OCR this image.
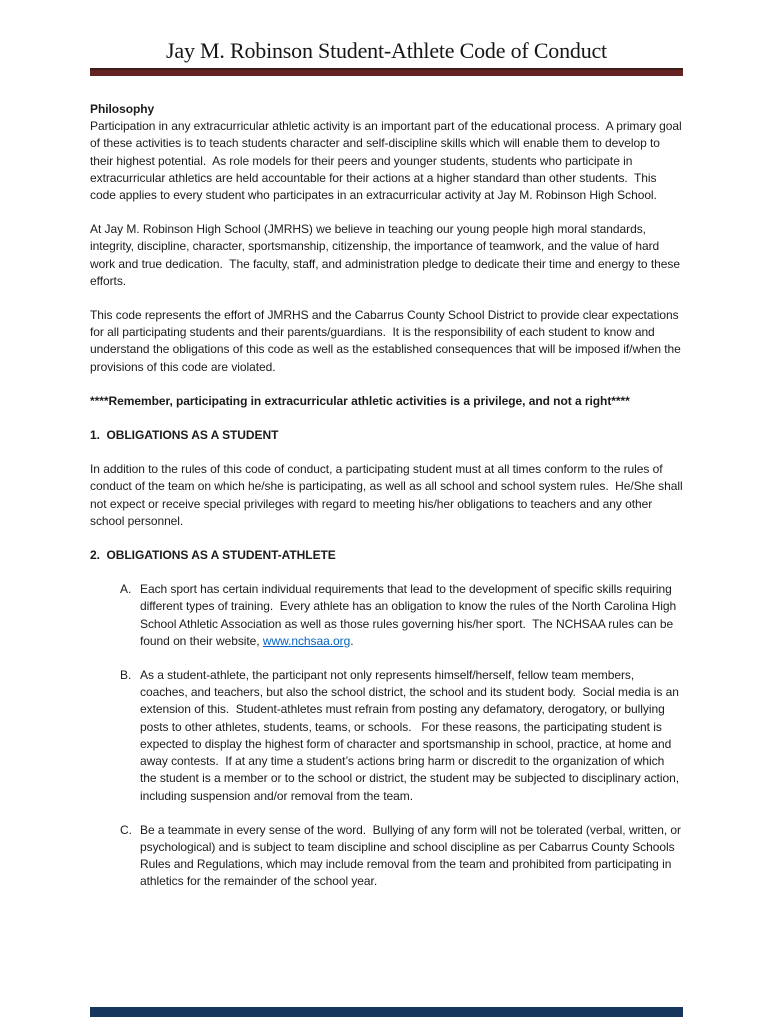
Jay M. Robinson Student-Athlete Code of Conduct

Philosophy

Participation in any extracurricular athletic activity is an important part of the educational process.  A primary goal of these activities is to teach students character and self-discipline skills which will enable them to develop to their highest potential.  As role models for their peers and younger students, students who participate in extracurricular athletics are held accountable for their actions at a higher standard than other students.  This code applies to every student who participates in an extracurricular activity at Jay M. Robinson High School.

At Jay M. Robinson High School (JMRHS) we believe in teaching our young people high moral standards, integrity, discipline, character, sportsmanship, citizenship, the importance of teamwork, and the value of hard work and true dedication.  The faculty, staff, and administration pledge to dedicate their time and energy to these efforts.

This code represents the effort of JMRHS and the Cabarrus County School District to provide clear expectations for all participating students and their parents/guardians.  It is the responsibility of each student to know and understand the obligations of this code as well as the established consequences that will be imposed if/when the provisions of this code are violated.

****Remember, participating in extracurricular athletic activities is a privilege, and not a right****

1.  OBLIGATIONS AS A STUDENT

In addition to the rules of this code of conduct, a participating student must at all times conform to the rules of conduct of the team on which he/she is participating, as well as all school and school system rules.  He/She shall not expect or receive special privileges with regard to meeting his/her obligations to teachers and any other school personnel.

2.  OBLIGATIONS AS A STUDENT-ATHLETE

A. Each sport has certain individual requirements that lead to the development of specific skills requiring different types of training.  Every athlete has an obligation to know the rules of the North Carolina High School Athletic Association as well as those rules governing his/her sport.  The NCHSAA rules can be found on their website, www.nchsaa.org.
B. As a student-athlete, the participant not only represents himself/herself, fellow team members, coaches, and teachers, but also the school district, the school and its student body.  Social media is an extension of this.  Student-athletes must refrain from posting any defamatory, derogatory, or bullying posts to other athletes, students, teams, or schools.   For these reasons, the participating student is expected to display the highest form of character and sportsmanship in school, practice, at home and away contests.  If at any time a student’s actions bring harm or discredit to the organization of which the student is a member or to the school or district, the student may be subjected to disciplinary action, including suspension and/or removal from the team.
C. Be a teammate in every sense of the word.  Bullying of any form will not be tolerated (verbal, written, or psychological) and is subject to team discipline and school discipline as per Cabarrus County Schools Rules and Regulations, which may include removal from the team and prohibited from participating in athletics for the remainder of the school year.
